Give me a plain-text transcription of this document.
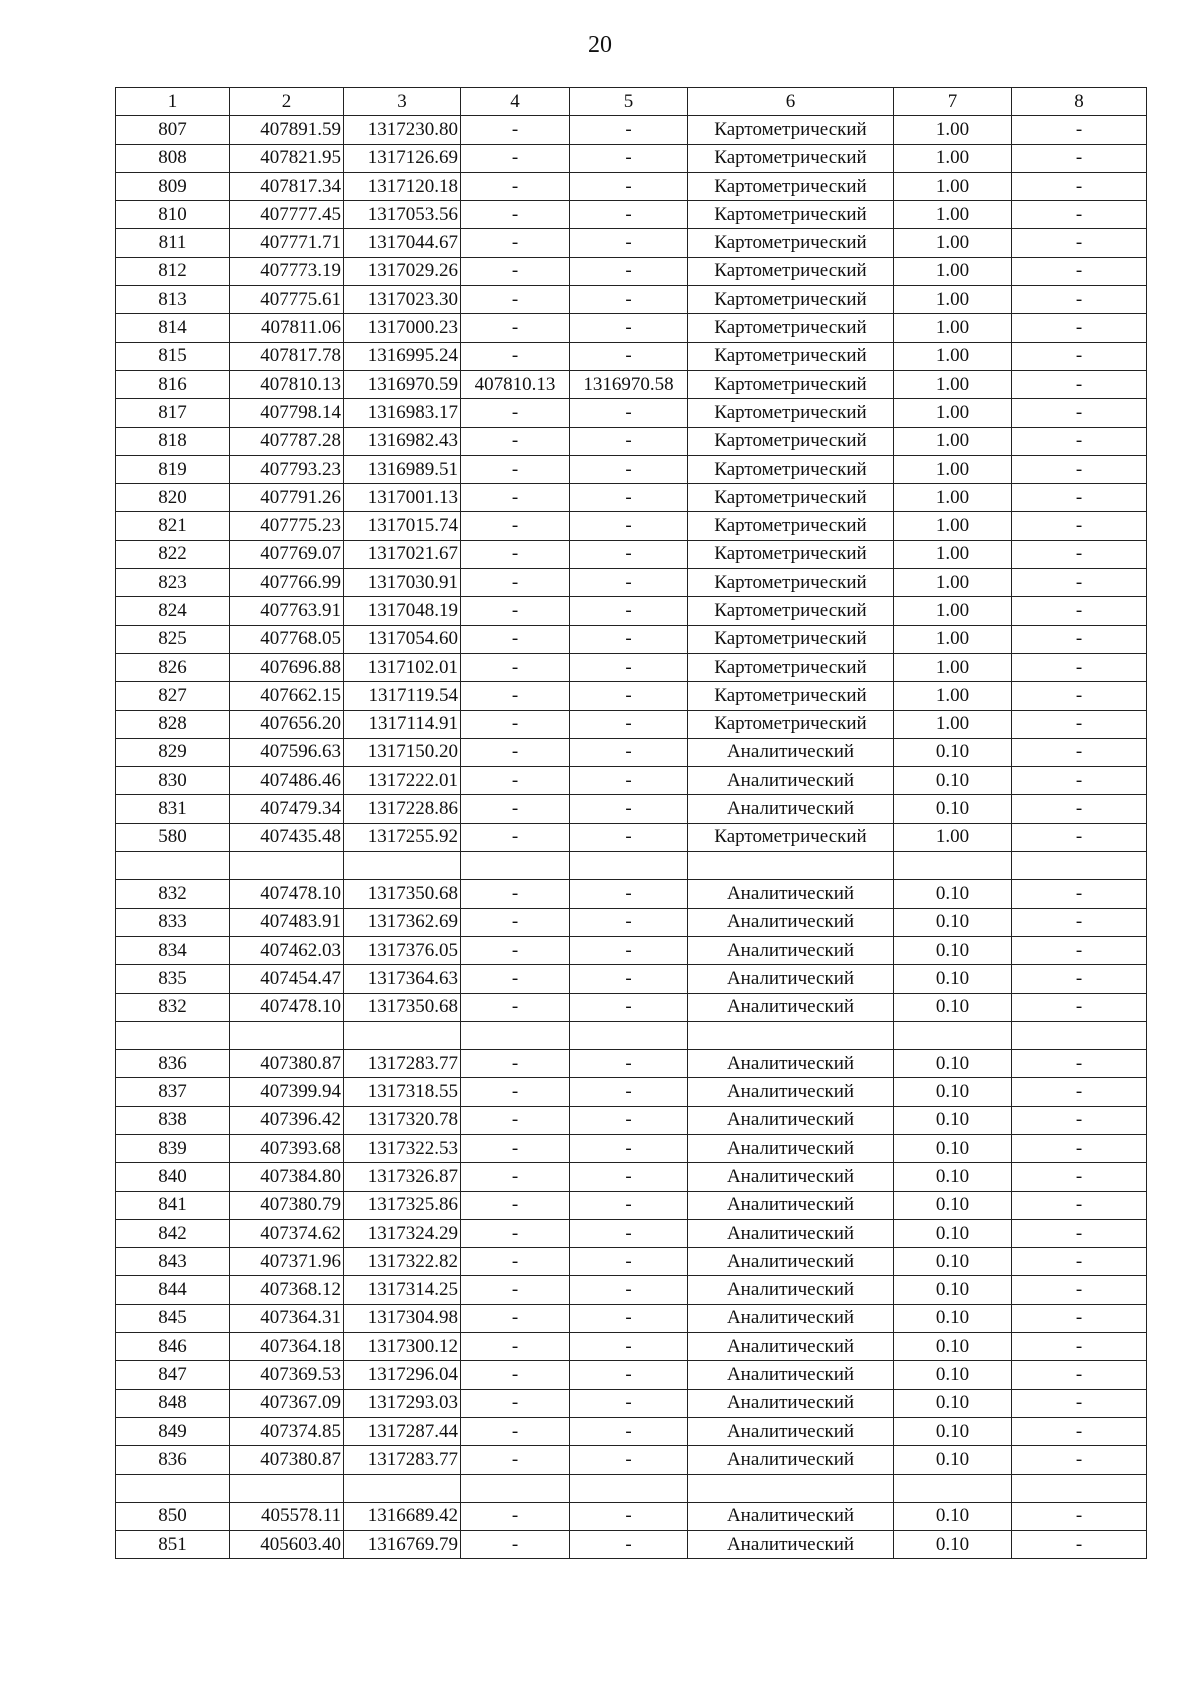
20
1	2	3	4	5	6	7	8
807	407891.59	1317230.80	-	-	Картометрический	1.00	-
808	407821.95	1317126.69	-	-	Картометрический	1.00	-
809	407817.34	1317120.18	-	-	Картометрический	1.00	-
810	407777.45	1317053.56	-	-	Картометрический	1.00	-
811	407771.71	1317044.67	-	-	Картометрический	1.00	-
812	407773.19	1317029.26	-	-	Картометрический	1.00	-
813	407775.61	1317023.30	-	-	Картометрический	1.00	-
814	407811.06	1317000.23	-	-	Картометрический	1.00	-
815	407817.78	1316995.24	-	-	Картометрический	1.00	-
816	407810.13	1316970.59	407810.13	1316970.58	Картометрический	1.00	-
817	407798.14	1316983.17	-	-	Картометрический	1.00	-
818	407787.28	1316982.43	-	-	Картометрический	1.00	-
819	407793.23	1316989.51	-	-	Картометрический	1.00	-
820	407791.26	1317001.13	-	-	Картометрический	1.00	-
821	407775.23	1317015.74	-	-	Картометрический	1.00	-
822	407769.07	1317021.67	-	-	Картометрический	1.00	-
823	407766.99	1317030.91	-	-	Картометрический	1.00	-
824	407763.91	1317048.19	-	-	Картометрический	1.00	-
825	407768.05	1317054.60	-	-	Картометрический	1.00	-
826	407696.88	1317102.01	-	-	Картометрический	1.00	-
827	407662.15	1317119.54	-	-	Картометрический	1.00	-
828	407656.20	1317114.91	-	-	Картометрический	1.00	-
829	407596.63	1317150.20	-	-	Аналитический	0.10	-
830	407486.46	1317222.01	-	-	Аналитический	0.10	-
831	407479.34	1317228.86	-	-	Аналитический	0.10	-
580	407435.48	1317255.92	-	-	Картометрический	1.00	-

832	407478.10	1317350.68	-	-	Аналитический	0.10	-
833	407483.91	1317362.69	-	-	Аналитический	0.10	-
834	407462.03	1317376.05	-	-	Аналитический	0.10	-
835	407454.47	1317364.63	-	-	Аналитический	0.10	-
832	407478.10	1317350.68	-	-	Аналитический	0.10	-

836	407380.87	1317283.77	-	-	Аналитический	0.10	-
837	407399.94	1317318.55	-	-	Аналитический	0.10	-
838	407396.42	1317320.78	-	-	Аналитический	0.10	-
839	407393.68	1317322.53	-	-	Аналитический	0.10	-
840	407384.80	1317326.87	-	-	Аналитический	0.10	-
841	407380.79	1317325.86	-	-	Аналитический	0.10	-
842	407374.62	1317324.29	-	-	Аналитический	0.10	-
843	407371.96	1317322.82	-	-	Аналитический	0.10	-
844	407368.12	1317314.25	-	-	Аналитический	0.10	-
845	407364.31	1317304.98	-	-	Аналитический	0.10	-
846	407364.18	1317300.12	-	-	Аналитический	0.10	-
847	407369.53	1317296.04	-	-	Аналитический	0.10	-
848	407367.09	1317293.03	-	-	Аналитический	0.10	-
849	407374.85	1317287.44	-	-	Аналитический	0.10	-
836	407380.87	1317283.77	-	-	Аналитический	0.10	-

850	405578.11	1316689.42	-	-	Аналитический	0.10	-
851	405603.40	1316769.79	-	-	Аналитический	0.10	-
